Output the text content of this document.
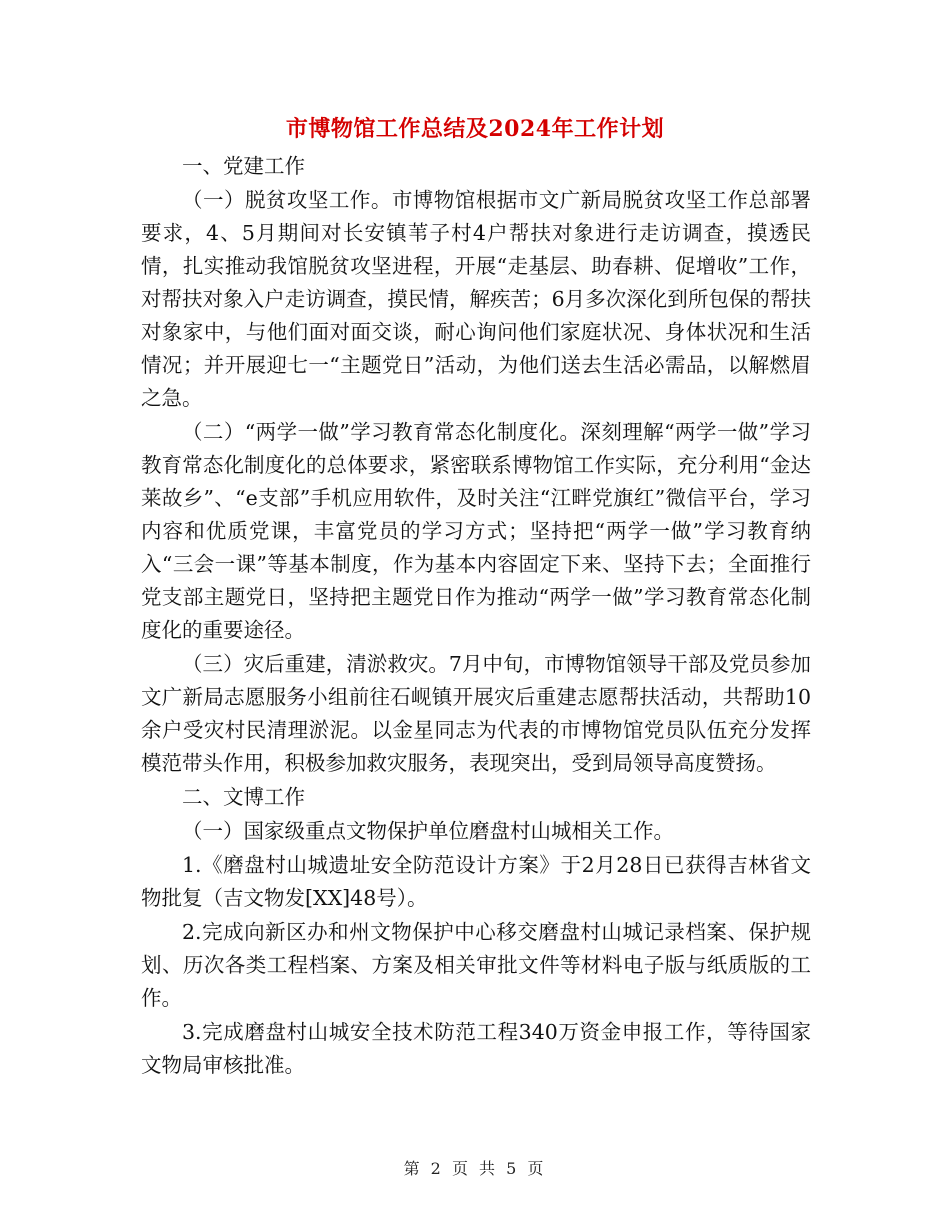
市博物馆工作总结及2024年工作计划

一、党建工作

（一）脱贫攻坚工作。市博物馆根据市文广新局脱贫攻坚工作总部署要求，4、5月期间对长安镇苇子村4户帮扶对象进行走访调查，摸透民情，扎实推动我馆脱贫攻坚进程，开展“走基层、助春耕、促增收”工作，对帮扶对象入户走访调查，摸民情，解疾苦；6月多次深化到所包保的帮扶对象家中，与他们面对面交谈，耐心询问他们家庭状况、身体状况和生活情况；并开展迎七一“主题党日”活动，为他们送去生活必需品，以解燃眉之急。

（二）“两学一做”学习教育常态化制度化。深刻理解“两学一做”学习教育常态化制度化的总体要求，紧密联系博物馆工作实际，充分利用“金达莱故乡”、“e支部”手机应用软件，及时关注“江畔党旗红”微信平台，学习内容和优质党课，丰富党员的学习方式；坚持把“两学一做”学习教育纳入“三会一课”等基本制度，作为基本内容固定下来、坚持下去；全面推行党支部主题党日，坚持把主题党日作为推动“两学一做”学习教育常态化制度化的重要途径。

（三）灾后重建，清淤救灾。7月中旬，市博物馆领导干部及党员参加文广新局志愿服务小组前往石岘镇开展灾后重建志愿帮扶活动，共帮助10余户受灾村民清理淤泥。以金星同志为代表的市博物馆党员队伍充分发挥模范带头作用，积极参加救灾服务，表现突出，受到局领导高度赞扬。

二、文博工作

（一）国家级重点文物保护单位磨盘村山城相关工作。

1.《磨盘村山城遗址安全防范设计方案》于2月28日已获得吉林省文物批复（吉文物发[XX]48号）。

2.完成向新区办和州文物保护中心移交磨盘村山城记录档案、保护规划、历次各类工程档案、方案及相关审批文件等材料电子版与纸质版的工作。

3.完成磨盘村山城安全技术防范工程340万资金申报工作，等待国家文物局审核批准。

第 2 页 共 5 页
